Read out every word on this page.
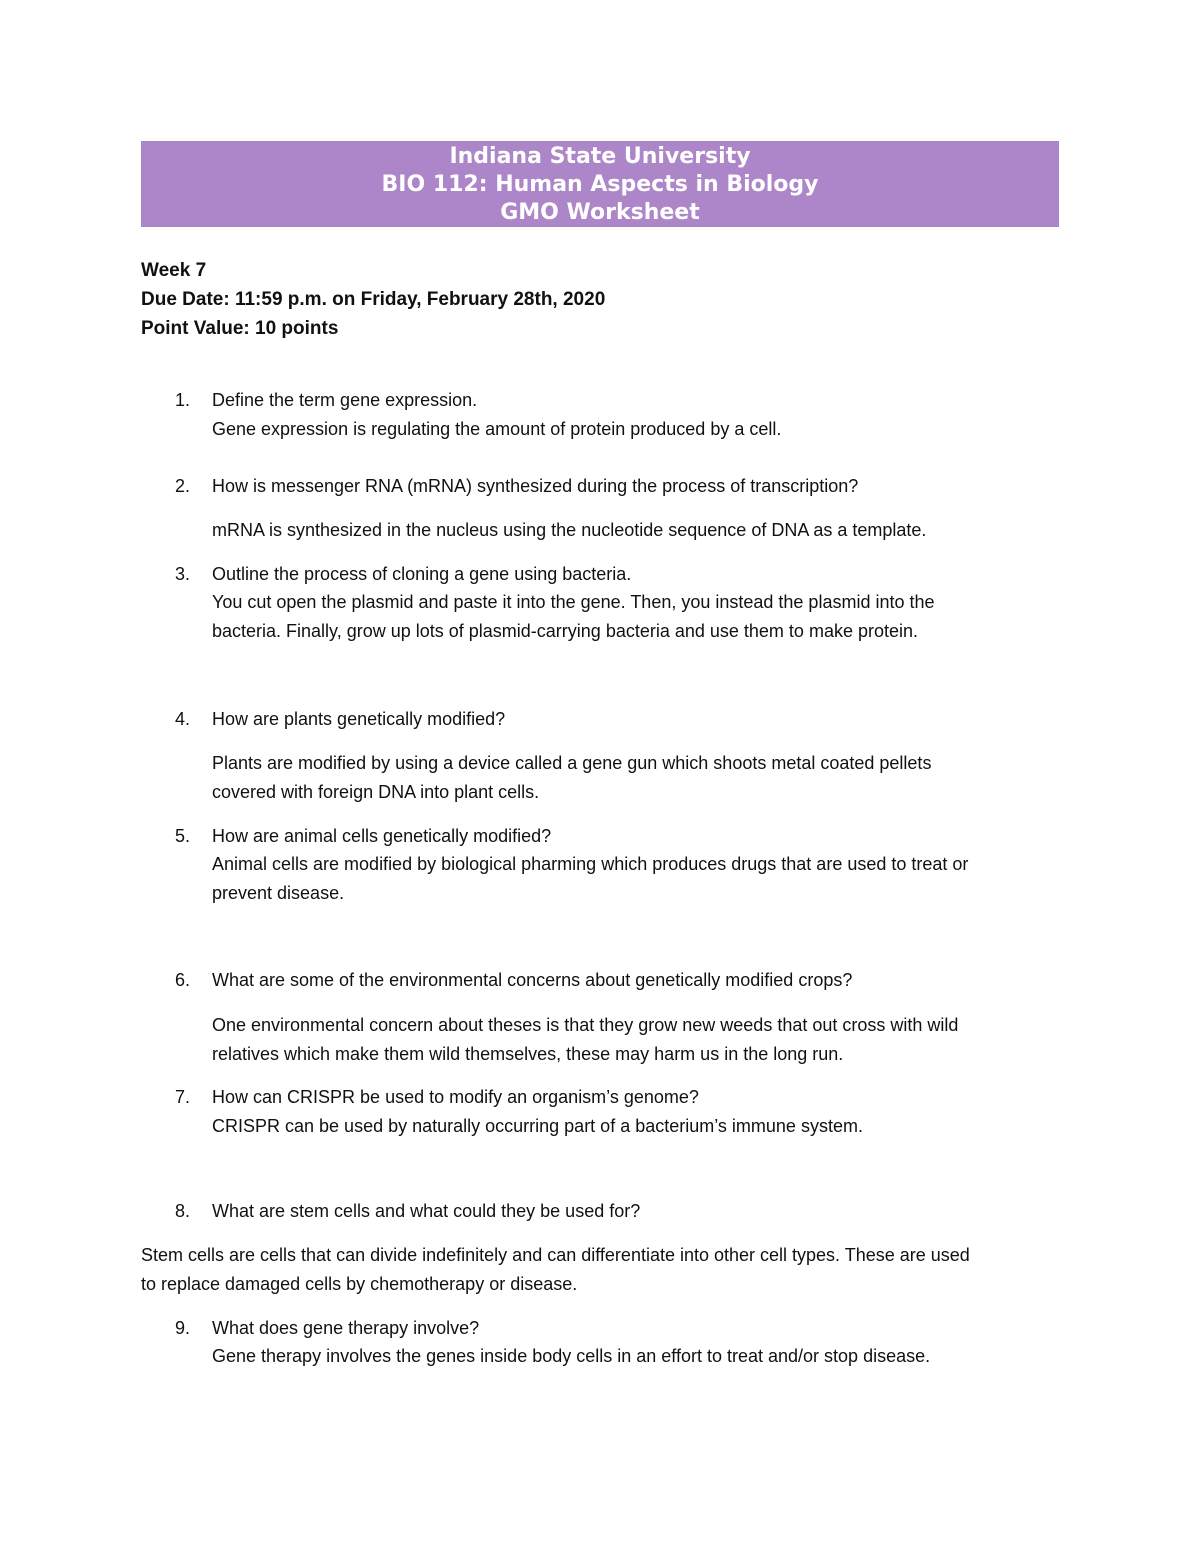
Indiana State University
BIO 112: Human Aspects in Biology
GMO Worksheet
Week 7
Due Date: 11:59 p.m. on Friday, February 28th, 2020
Point Value: 10 points
1.	Define the term gene expression.
Gene expression is regulating the amount of protein produced by a cell.
2.	How is messenger RNA (mRNA) synthesized during the process of transcription?
mRNA is synthesized in the nucleus using the nucleotide sequence of DNA as a template.
3.	Outline the process of cloning a gene using bacteria.
You cut open the plasmid and paste it into the gene. Then, you instead the plasmid into the
bacteria. Finally, grow up lots of plasmid-carrying bacteria and use them to make protein.
4.	How are plants genetically modified?
Plants are modified by using a device called a gene gun which shoots metal coated pellets
covered with foreign DNA into plant cells.
5.	How are animal cells genetically modified?
Animal cells are modified by biological pharming which produces drugs that are used to treat or
prevent disease.
6.	What are some of the environmental concerns about genetically modified crops?
One environmental concern about theses is that they grow new weeds that out cross with wild
relatives which make them wild themselves, these may harm us in the long run.
7.	How can CRISPR be used to modify an organism’s genome?
CRISPR can be used by naturally occurring part of a bacterium’s immune system.
8.	What are stem cells and what could they be used for?
Stem cells are cells that can divide indefinitely and can differentiate into other cell types. These are used
to replace damaged cells by chemotherapy or disease.
9.	What does gene therapy involve?
Gene therapy involves the genes inside body cells in an effort to treat and/or stop disease.
